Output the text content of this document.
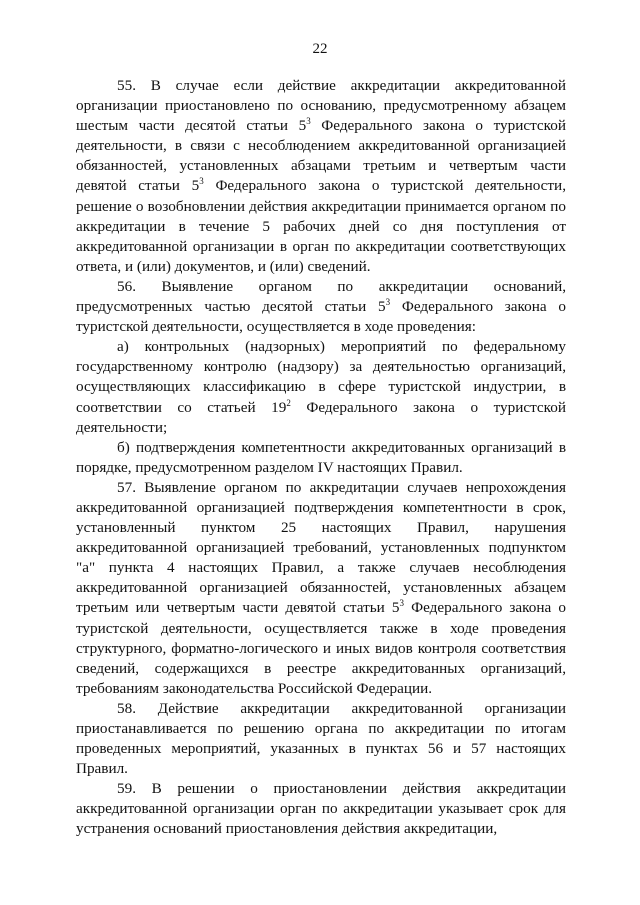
22

55. В случае если действие аккредитации аккредитованной организации приостановлено по основанию, предусмотренному абзацем шестым части десятой статьи $5^3$ Федерального закона о туристской деятельности, в связи с несоблюдением аккредитованной организацией обязанностей, установленных абзацами третьим и четвертым части девятой статьи $5^3$ Федерального закона о туристской деятельности, решение о возобновлении действия аккредитации принимается органом по аккредитации в течение 5 рабочих дней со дня поступления от аккредитованной организации в орган по аккредитации соответствующих ответа, и (или) документов, и (или) сведений.

56. Выявление органом по аккредитации оснований, предусмотренных частью десятой статьи $5^3$ Федерального закона о туристской деятельности, осуществляется в ходе проведения:

а) контрольных (надзорных) мероприятий по федеральному государственному контролю (надзору) за деятельностью организаций, осуществляющих классификацию в сфере туристской индустрии, в соответствии со статьей $19^2$ Федерального закона о туристской деятельности;

б) подтверждения компетентности аккредитованных организаций в порядке, предусмотренном разделом IV настоящих Правил.

57. Выявление органом по аккредитации случаев непрохождения аккредитованной организацией подтверждения компетентности в срок, установленный пунктом 25 настоящих Правил, нарушения аккредитованной организацией требований, установленных подпунктом "а" пункта 4 настоящих Правил, а также случаев несоблюдения аккредитованной организацией обязанностей, установленных абзацем третьим или четвертым части девятой статьи $5^3$ Федерального закона о туристской деятельности, осуществляется также в ходе проведения структурного, форматно-логического и иных видов контроля соответствия сведений, содержащихся в реестре аккредитованных организаций, требованиям законодательства Российской Федерации.

58. Действие аккредитации аккредитованной организации приостанавливается по решению органа по аккредитации по итогам проведенных мероприятий, указанных в пунктах 56 и 57 настоящих Правил.

59. В решении о приостановлении действия аккредитации аккредитованной организации орган по аккредитации указывает срок для устранения оснований приостановления действия аккредитации,
